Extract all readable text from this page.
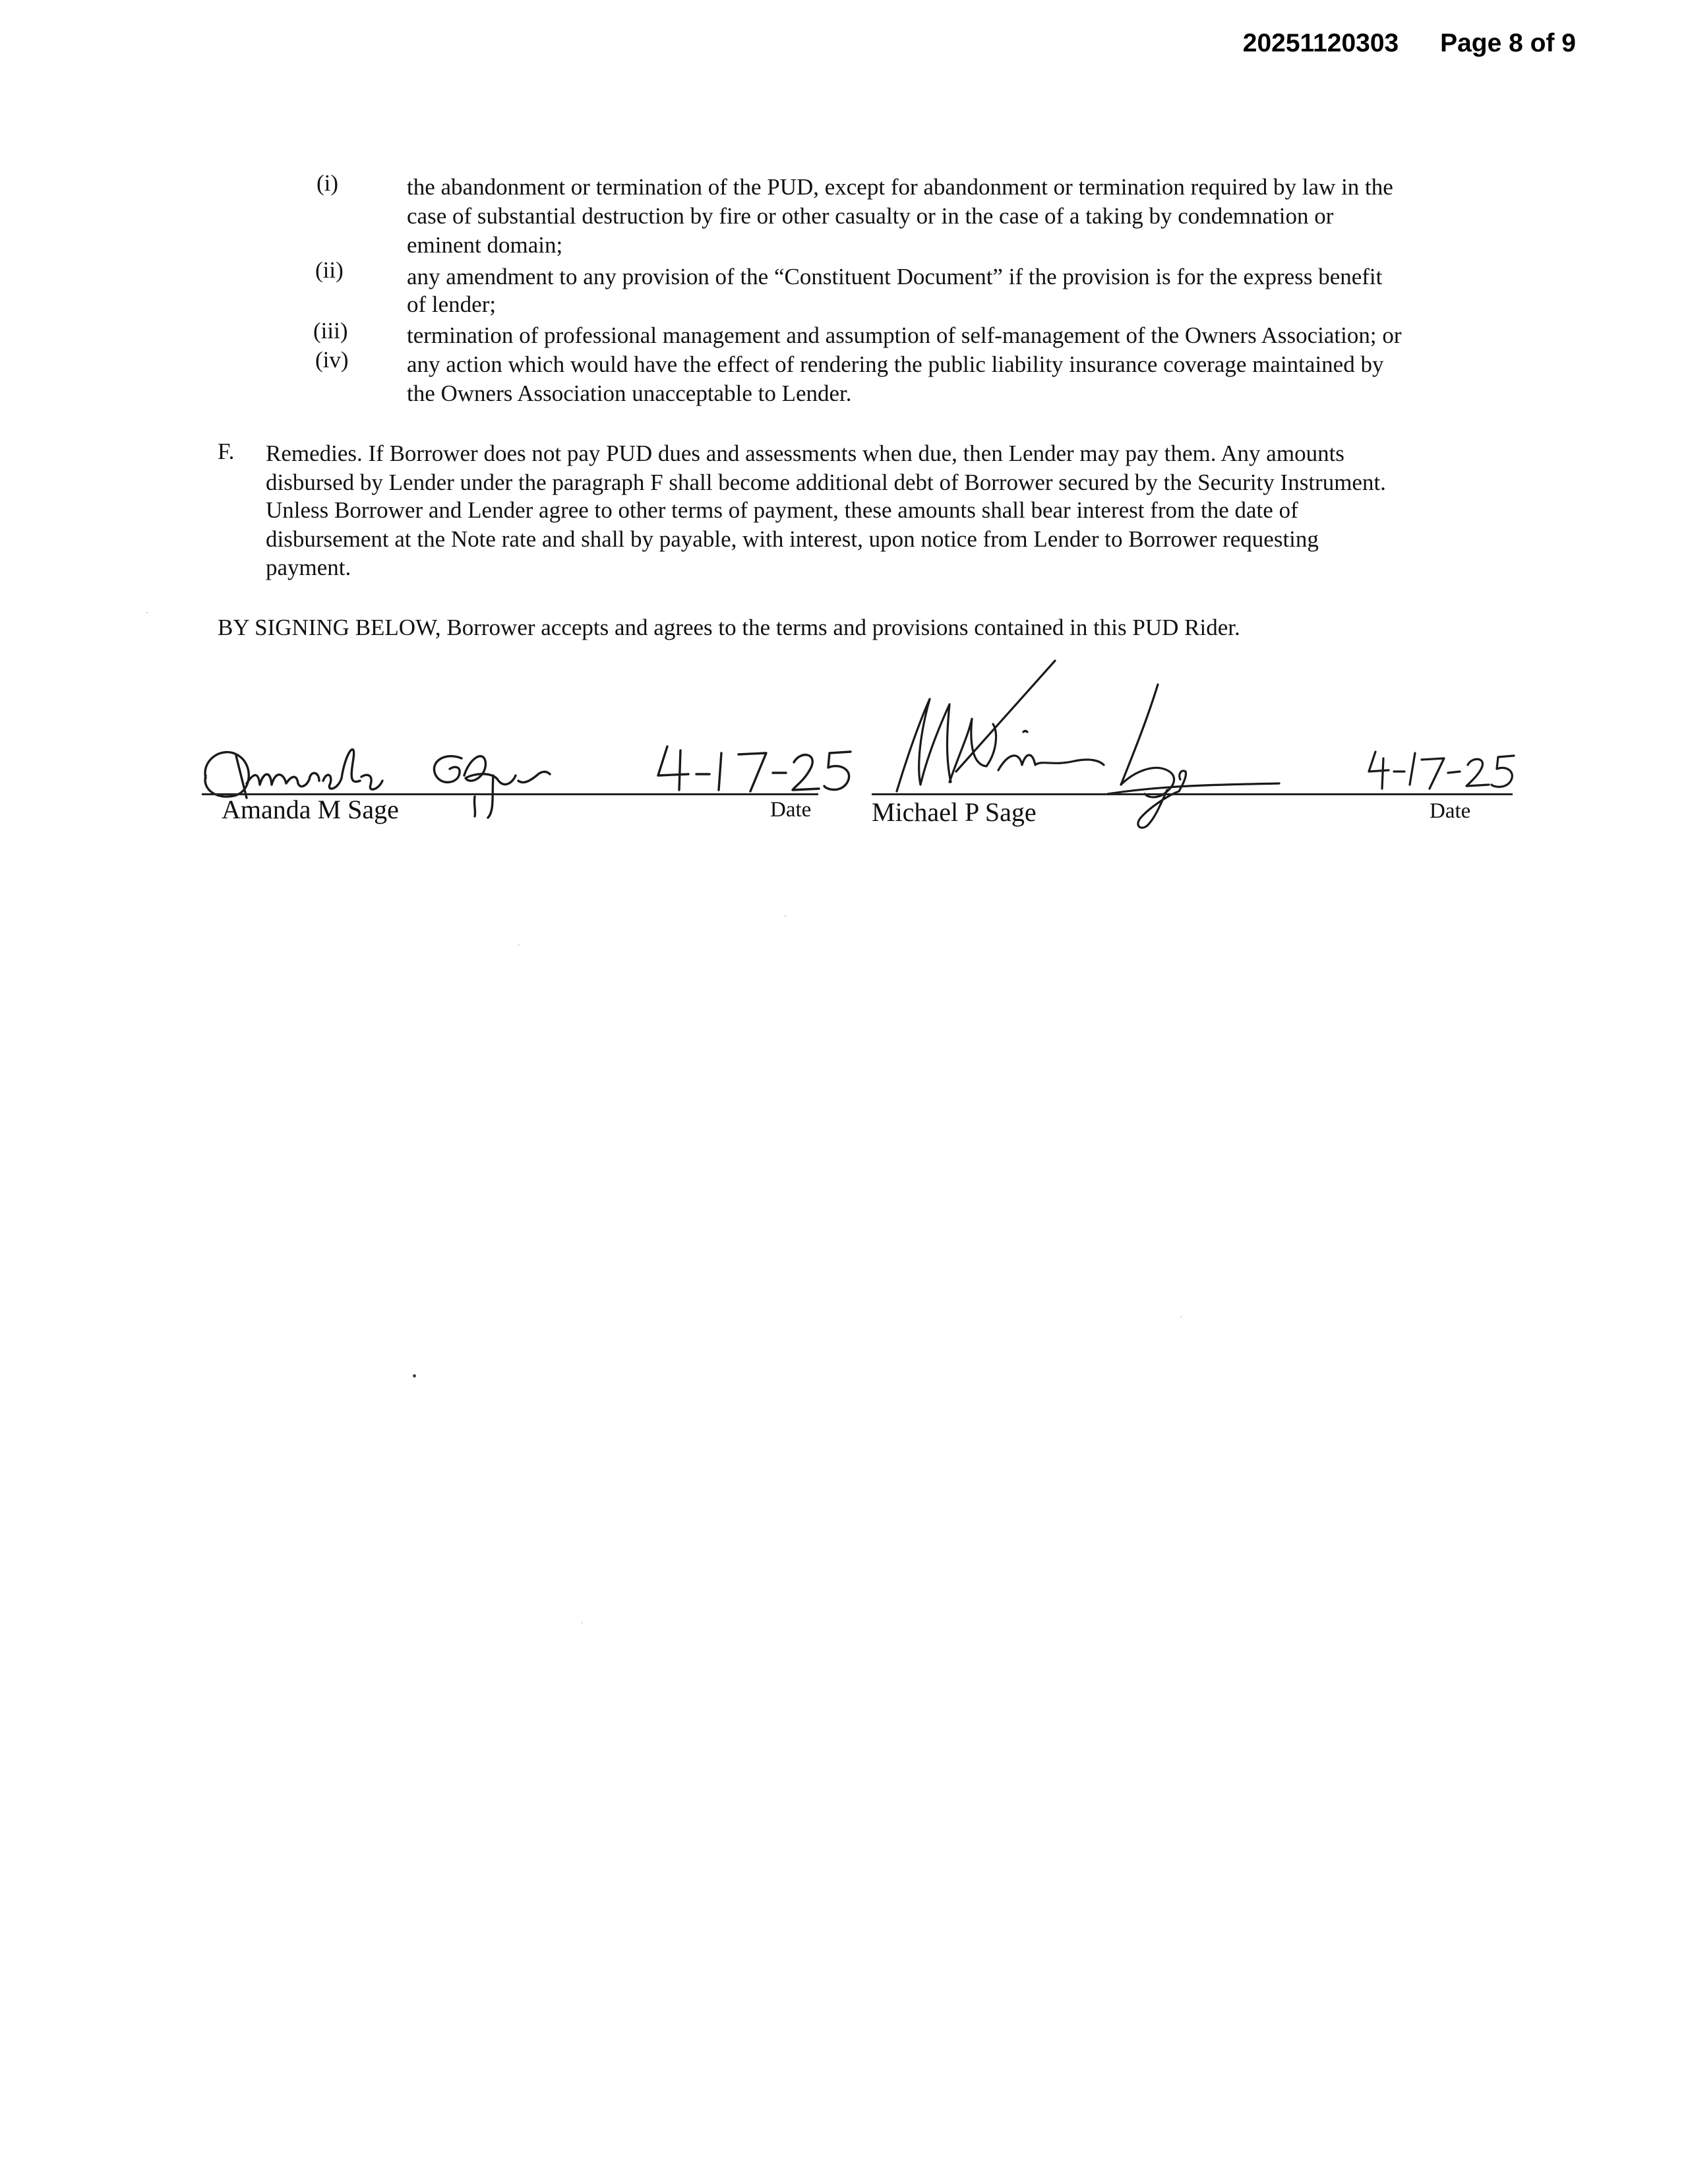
20251120303 Page 8 of 9
(i)	the abandonment or termination of the PUD, except for abandonment or termination required by law in the
case of substantial destruction by fire or other casualty or in the case of a taking by condemnation or
eminent domain;
(ii)	any amendment to any provision of the “Constituent Document” if the provision is for the express benefit
of lender;
(iii)	termination of professional management and assumption of self-management of the Owners Association; or
(iv)	any action which would have the effect of rendering the public liability insurance coverage maintained by
the Owners Association unacceptable to Lender.
F. Remedies. If Borrower does not pay PUD dues and assessments when due, then Lender may pay them. Any amounts
disbursed by Lender under the paragraph F shall become additional debt of Borrower secured by the Security Instrument.
Unless Borrower and Lender agree to other terms of payment, these amounts shall bear interest from the date of
disbursement at the Note rate and shall by payable, with interest, upon notice from Lender to Borrower requesting
payment.
BY SIGNING BELOW, Borrower accepts and agrees to the terms and provisions contained in this PUD Rider.
Amanda M Sage	Date Michael P Sage	Date
